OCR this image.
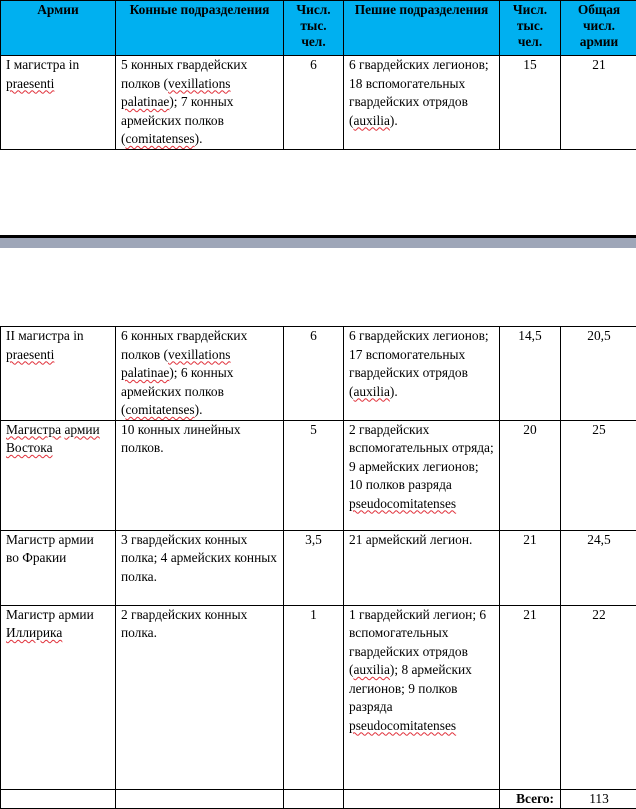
Армии	Конные подразделения	Числ. тыс. чел.	Пешие подразделения	Числ. тыс. чел.	Общая числ. армии
I магистра in praesenti	5 конных гвардейских полков (vexillations palatinae); 7 конных армейских полков (comitatenses).	6	6 гвардейских легионов; 18 вспомогательных гвардейских отрядов (auxilia).	15	21
II магистра in praesenti	6 конных гвардейских полков (vexillations palatinae); 6 конных армейских полков (comitatenses).	6	6 гвардейских легионов; 17 вспомогательных гвардейских отрядов (auxilia).	14,5	20,5
Магистра армии Востока	10 конных линейных полков.	5	2 гвардейских вспомогательных отряда; 9 армейских легионов; 10 полков разряда pseudocomitatenses	20	25
Магистр армии во Фракии	3 гвардейских конных полка; 4 армейских конных полка.	3,5	21 армейский легион.	21	24,5
Магистр армии Иллирика	2 гвардейских конных полка.	1	1 гвардейский легион; 6 вспомогательных гвардейских отрядов (auxilia); 8 армейских легионов; 9 полков разряда pseudocomitatenses	21	22
				Всего:	113
